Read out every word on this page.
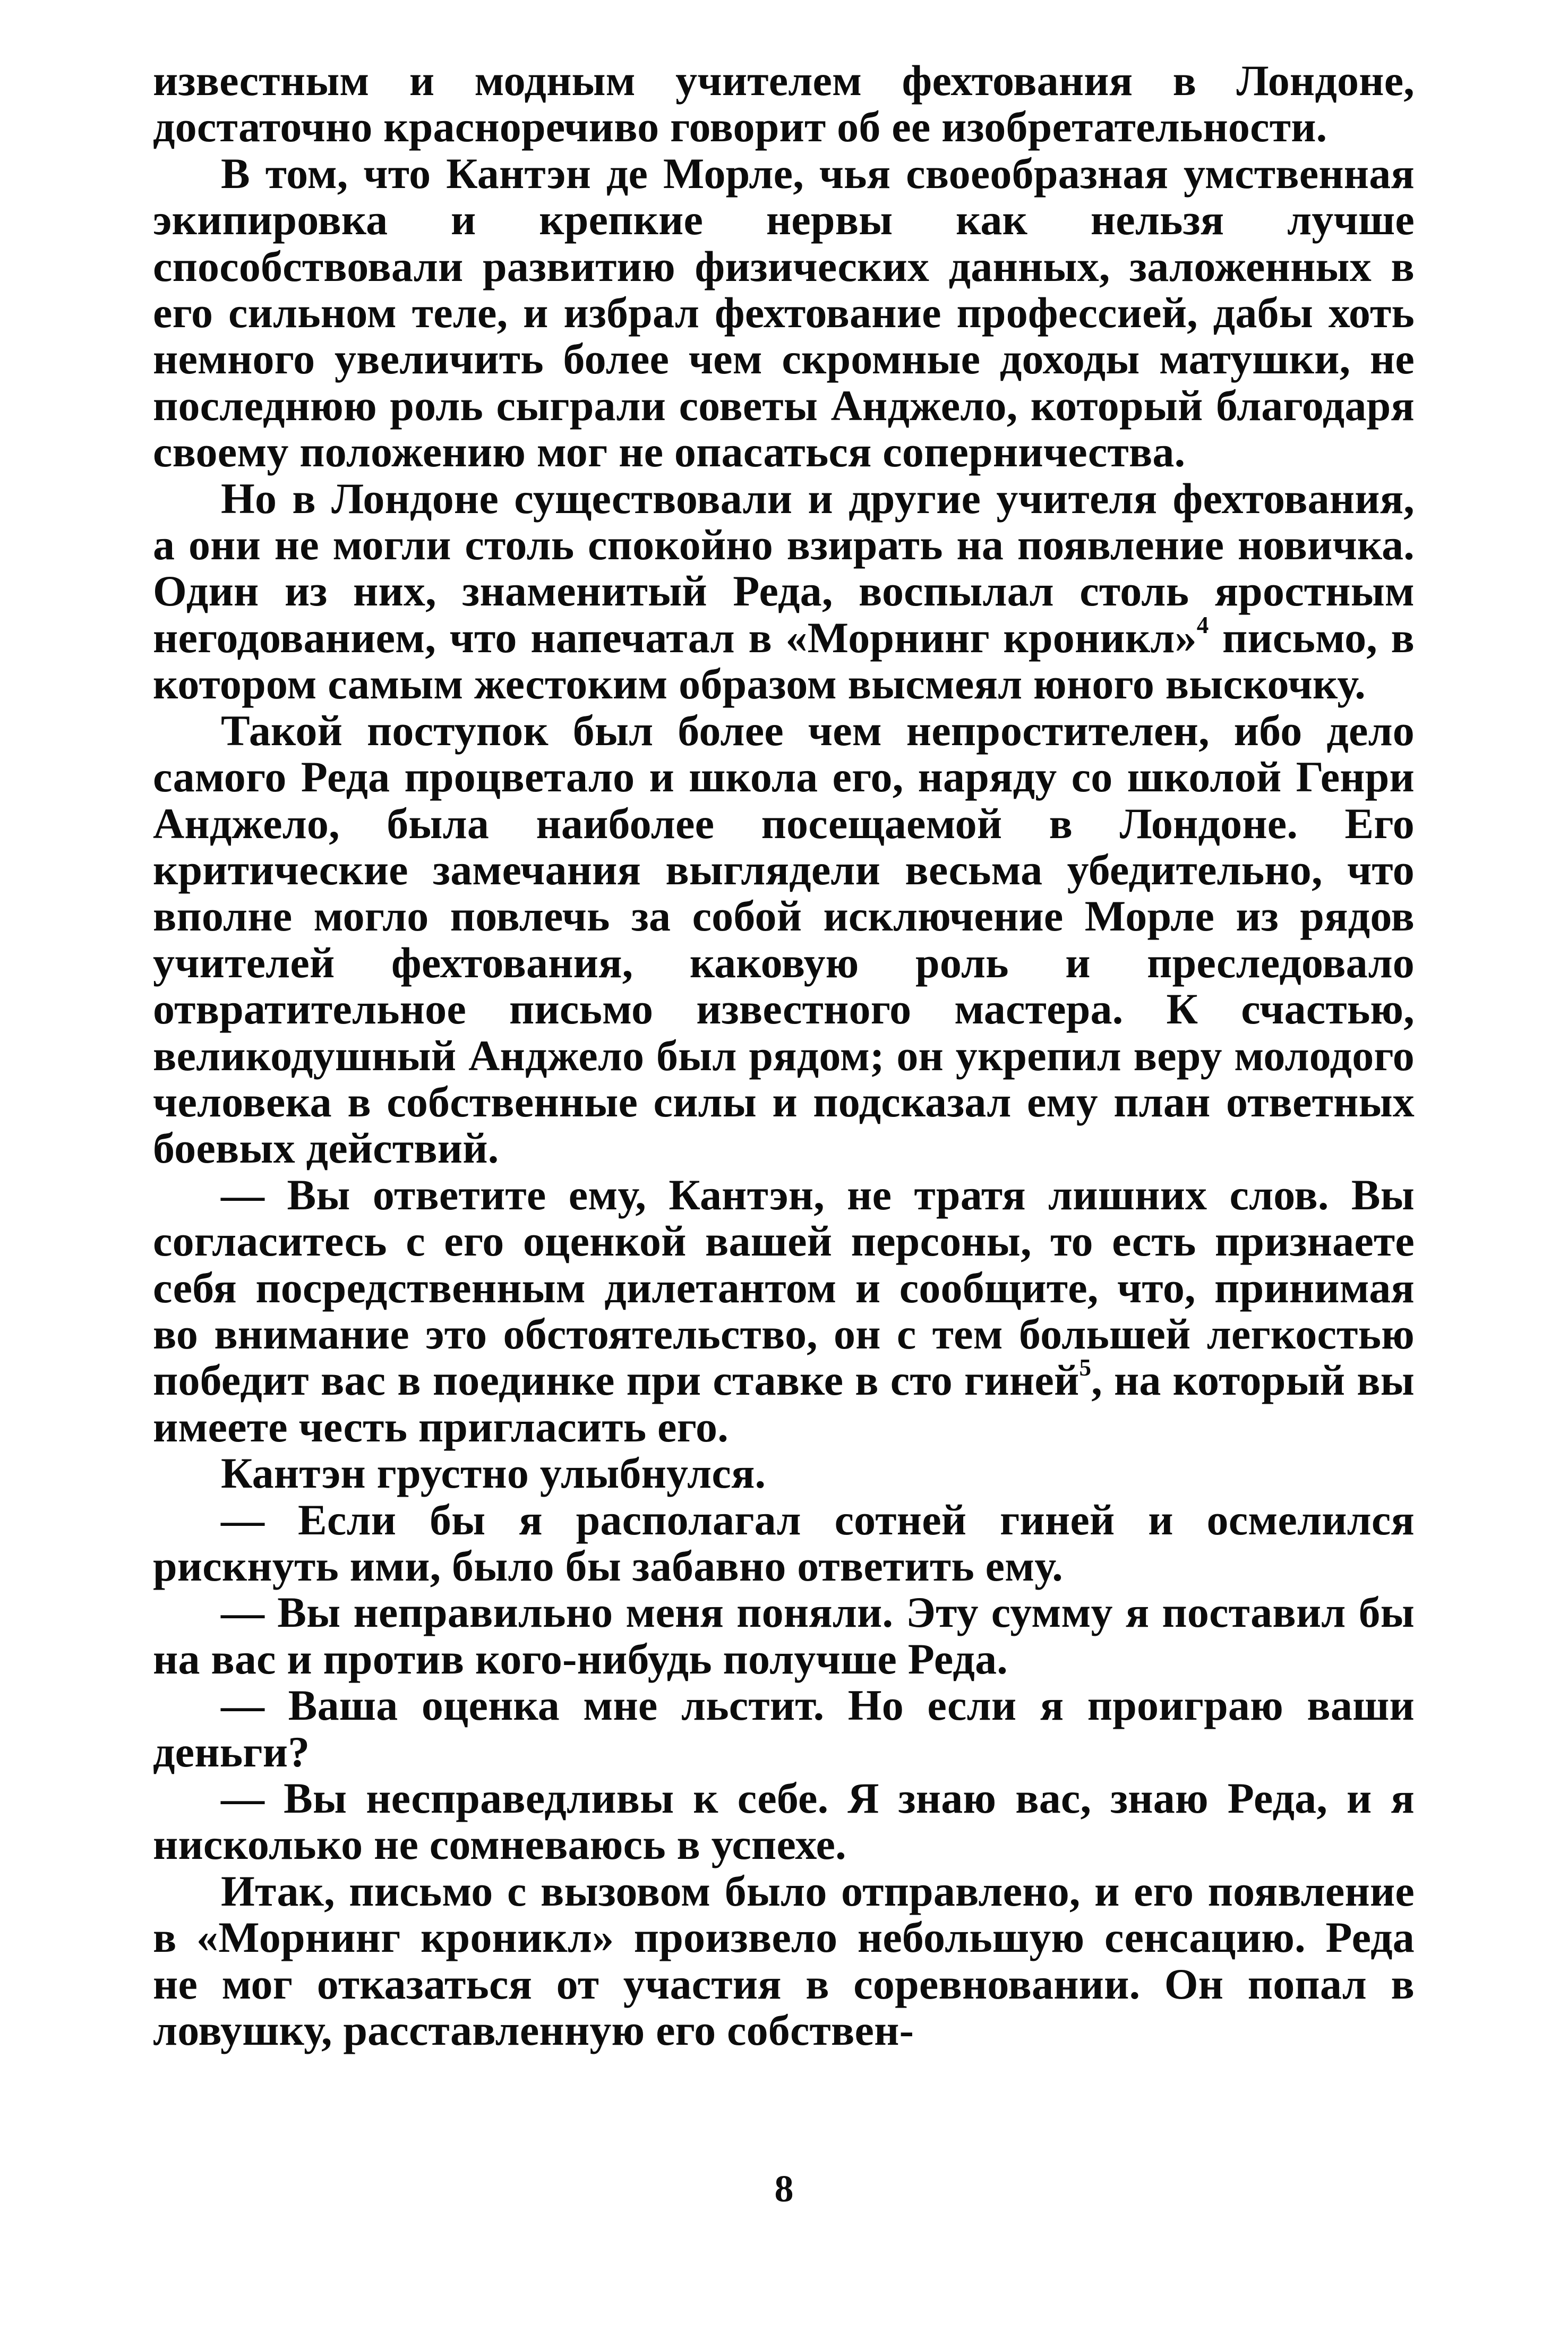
известным и модным учителем фехтования в Лондоне, достаточно красноречиво говорит об ее изобретательности.

В том, что Кантэн де Морле, чья своеобразная умственная экипировка и крепкие нервы как нельзя лучше способствовали развитию физических данных, заложенных в его сильном теле, и избрал фехтование профессией, дабы хоть немного увеличить более чем скромные доходы матушки, не последнюю роль сыграли советы Анджело, который благодаря своему положению мог не опасаться соперничества.

Но в Лондоне существовали и другие учителя фехтования, а они не могли столь спокойно взирать на появление новичка. Один из них, знаменитый Реда, воспылал столь яростным негодованием, что напечатал в «Морнинг кроникл»$^4$ письмо, в котором самым жестоким образом высмеял юного выскочку.

Такой поступок был более чем непростителен, ибо дело самого Реда процветало и школа его, наряду со школой Генри Анджело, была наиболее посещаемой в Лондоне. Его критические замечания выглядели весьма убедительно, что вполне могло повлечь за собой исключение Морле из рядов учителей фехтования, каковую роль и преследовало отвратительное письмо известного мастера. К счастью, великодушный Анджело был рядом; он укрепил веру молодого человека в собственные силы и подсказал ему план ответных боевых действий.

— Вы ответите ему, Кантэн, не тратя лишних слов. Вы согласитесь с его оценкой вашей персоны, то есть признаете себя посредственным дилетантом и сообщите, что, принимая во внимание это обстоятельство, он с тем большей легкостью победит вас в поединке при ставке в сто гиней$^5$, на который вы имеете честь пригласить его.

Кантэн грустно улыбнулся.

— Если бы я располагал сотней гиней и осмелился рискнуть ими, было бы забавно ответить ему.

— Вы неправильно меня поняли. Эту сумму я поставил бы на вас и против кого-нибудь получше Реда.

— Ваша оценка мне льстит. Но если я проиграю ваши деньги?

— Вы несправедливы к себе. Я знаю вас, знаю Реда, и я нисколько не сомневаюсь в успехе.

Итак, письмо с вызовом было отправлено, и его появление в «Морнинг кроникл» произвело небольшую сенсацию. Реда не мог отказаться от участия в соревновании. Он попал в ловушку, расставленную его собствен-

8
